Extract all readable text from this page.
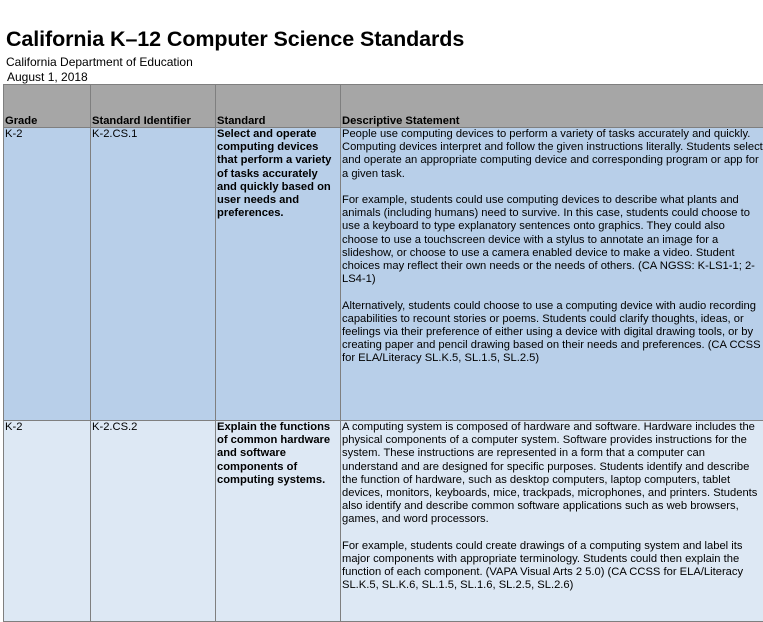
California K–12 Computer Science Standards
California Department of Education
August 1, 2018
Grade	Standard Identifier	Standard	Descriptive Statement
K-2	K-2.CS.1	Select and operate computing devices that perform a variety of tasks accurately and quickly based on user needs and preferences.	People use computing devices to perform a variety of tasks accurately and quickly. Computing devices interpret and follow the given instructions literally. Students select and operate an appropriate computing device and corresponding program or app for a given task.

For example, students could use computing devices to describe what plants and animals (including humans) need to survive. In this case, students could choose to use a keyboard to type explanatory sentences onto graphics. They could also choose to use a touchscreen device with a stylus to annotate an image for a slideshow, or choose to use a camera enabled device to make a video. Student choices may reflect their own needs or the needs of others. (CA NGSS: K-LS1-1; 2-LS4-1)

Alternatively, students could choose to use a computing device with audio recording capabilities to recount stories or poems. Students could clarify thoughts, ideas, or feelings via their preference of either using a device with digital drawing tools, or by creating paper and pencil drawing based on their needs and preferences. (CA CCSS for ELA/Literacy SL.K.5, SL.1.5, SL.2.5)

K-2	K-2.CS.2	Explain the functions of common hardware and software components of computing systems.	A computing system is composed of hardware and software. Hardware includes the physical components of a computer system. Software provides instructions for the system. These instructions are represented in a form that a computer can understand and are designed for specific purposes. Students identify and describe the function of hardware, such as desktop computers, laptop computers, tablet devices, monitors, keyboards, mice, trackpads, microphones, and printers. Students also identify and describe common software applications such as web browsers, games, and word processors.

For example, students could create drawings of a computing system and label its major components with appropriate terminology. Students could then explain the function of each component. (VAPA Visual Arts 2 5.0) (CA CCSS for ELA/Literacy SL.K.5, SL.K.6, SL.1.5, SL.1.6, SL.2.5, SL.2.6)
